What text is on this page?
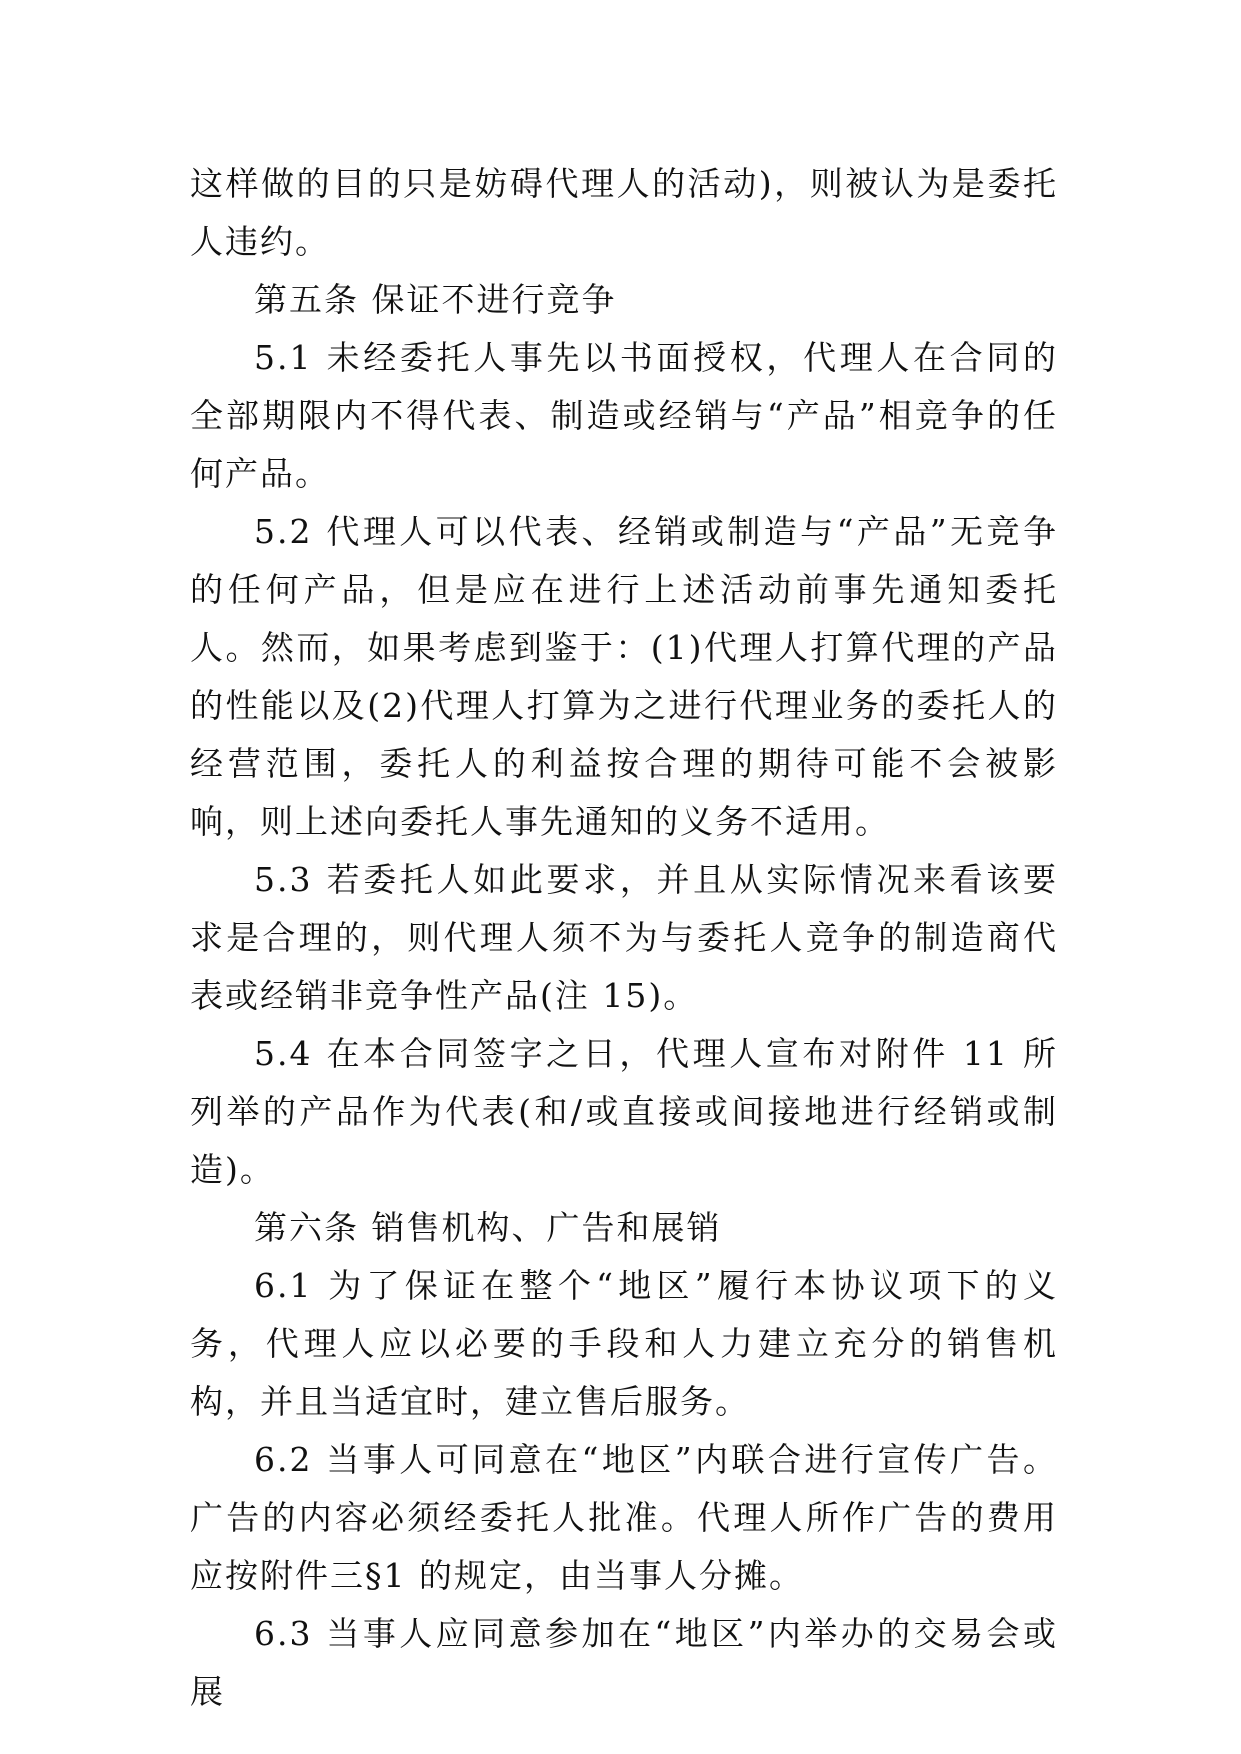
这样做的目的只是妨碍代理人的活动)，则被认为是委托人违约。

第五条 保证不进行竞争

5.1 未经委托人事先以书面授权，代理人在合同的全部期限内不得代表、制造或经销与“产品”相竞争的任何产品。

5.2 代理人可以代表、经销或制造与“产品”无竞争的任何产品，但是应在进行上述活动前事先通知委托人。然而，如果考虑到鉴于：(1)代理人打算代理的产品的性能以及(2)代理人打算为之进行代理业务的委托人的经营范围，委托人的利益按合理的期待可能不会被影响，则上述向委托人事先通知的义务不适用。

5.3 若委托人如此要求，并且从实际情况来看该要求是合理的，则代理人须不为与委托人竞争的制造商代表或经销非竞争性产品(注 15)。

5.4 在本合同签字之日，代理人宣布对附件 11 所列举的产品作为代表(和/或直接或间接地进行经销或制造)。

第六条 销售机构、广告和展销

6.1 为了保证在整个“地区”履行本协议项下的义务，代理人应以必要的手段和人力建立充分的销售机构，并且当适宜时，建立售后服务。

6.2 当事人可同意在“地区”内联合进行宣传广告。广告的内容必须经委托人批准。代理人所作广告的费用应按附件三§1 的规定，由当事人分摊。

6.3 当事人应同意参加在“地区”内举办的交易会或展
